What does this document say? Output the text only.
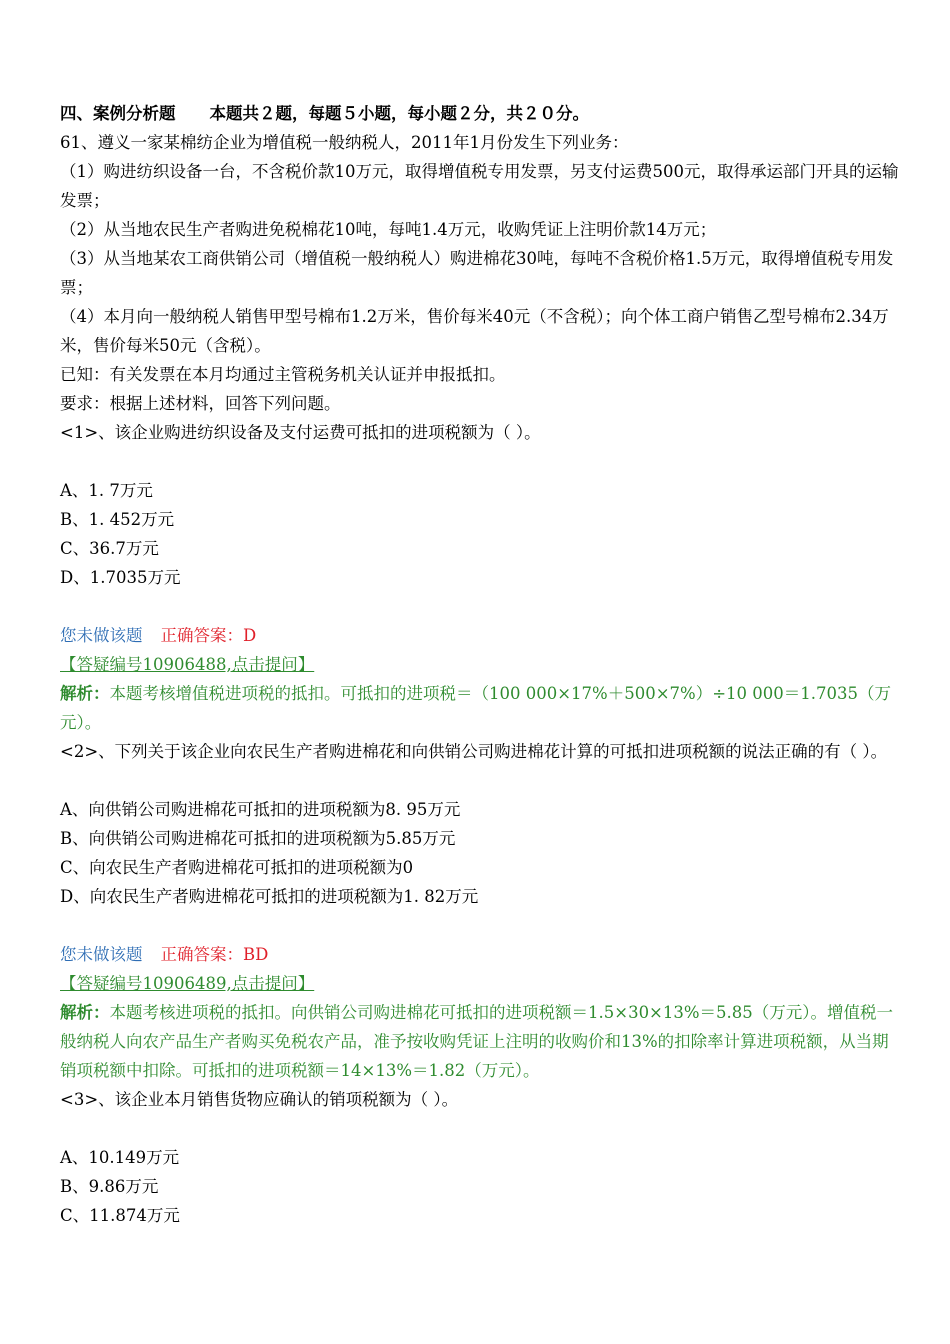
四、案例分析题 本题共２题，每题５小题，每小题２分，共２０分。
61、遵义一家某棉纺企业为增值税一般纳税人，2011年1月份发生下列业务：
（1）购进纺织设备一台，不含税价款10万元，取得增值税专用发票，另支付运费500元，取得承运部门开具的运输发票；
（2）从当地农民生产者购进免税棉花10吨，每吨1.4万元，收购凭证上注明价款14万元；
（3）从当地某农工商供销公司（增值税一般纳税人）购进棉花30吨，每吨不含税价格1.5万元，取得增值税专用发票；
（4）本月向一般纳税人销售甲型号棉布1.2万米，售价每米40元（不含税）；向个体工商户销售乙型号棉布2.34万米，售价每米50元（含税）。
已知：有关发票在本月均通过主管税务机关认证并申报抵扣。
要求：根据上述材料，回答下列问题。
<1>、该企业购进纺织设备及支付运费可抵扣的进项税额为（ ）。
A、1. 7万元
B、1. 452万元
C、36.7万元
D、1.7035万元
您未做该题 正确答案：D
【答疑编号10906488,点击提问】
解析：本题考核增值税进项税的抵扣。可抵扣的进项税＝（100 000×17%＋500×7%）÷10 000＝1.7035（万元）。
<2>、下列关于该企业向农民生产者购进棉花和向供销公司购进棉花计算的可抵扣进项税额的说法正确的有（ ）。
A、向供销公司购进棉花可抵扣的进项税额为8. 95万元
B、向供销公司购进棉花可抵扣的进项税额为5.85万元
C、向农民生产者购进棉花可抵扣的进项税额为0
D、向农民生产者购进棉花可抵扣的进项税额为1. 82万元
您未做该题 正确答案：BD
【答疑编号10906489,点击提问】
解析：本题考核进项税的抵扣。向供销公司购进棉花可抵扣的进项税额＝1.5×30×13%＝5.85（万元）。增值税一般纳税人向农产品生产者购买免税农产品，准予按收购凭证上注明的收购价和13%的扣除率计算进项税额，从当期销项税额中扣除。可抵扣的进项税额＝14×13%＝1.82（万元）。
<3>、该企业本月销售货物应确认的销项税额为（ ）。
A、10.149万元
B、9.86万元
C、11.874万元
